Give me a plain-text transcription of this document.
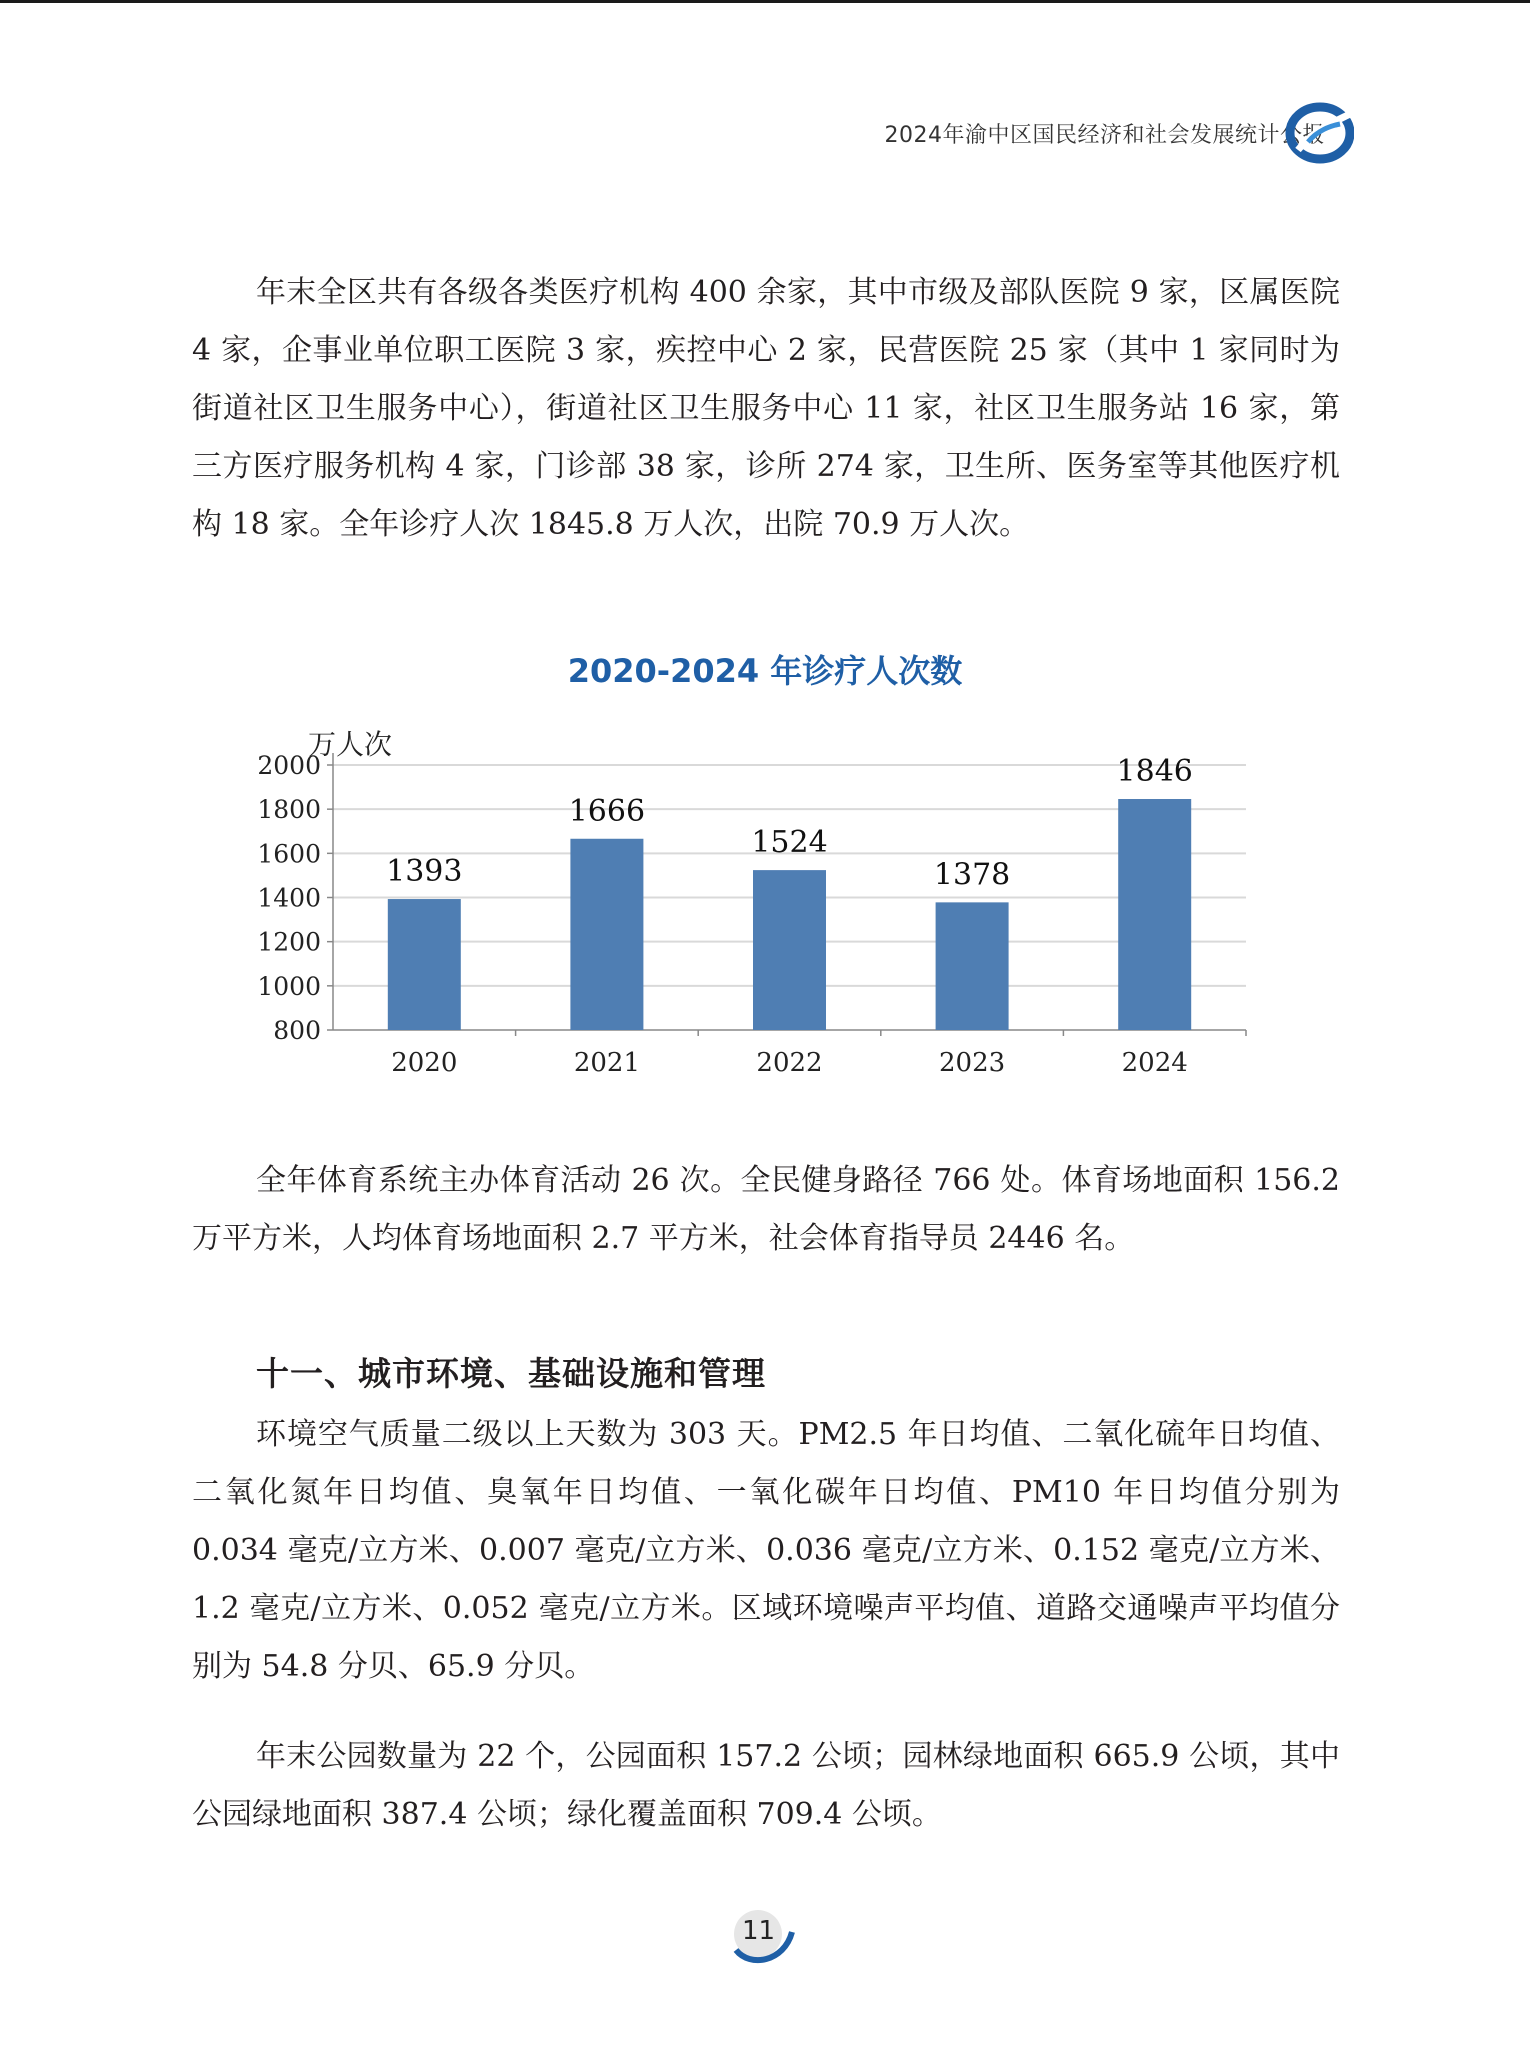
2024年渝中区国民经济和社会发展统计公报

年末全区共有各级各类医疗机构 400 余家，其中市级及部队医院 9 家，区属医院 4 家，企事业单位职工医院 3 家，疾控中心 2 家，民营医院 25 家（其中 1 家同时为街道社区卫生服务中心），街道社区卫生服务中心 11 家，社区卫生服务站 16 家，第三方医疗服务机构 4 家，门诊部 38 家，诊所 274 家，卫生所、医务室等其他医疗机构 18 家。全年诊疗人次 1845.8 万人次，出院 70.9 万人次。

2020-2024 年诊疗人次数
800
1000
1200
1400
1600
1800
2000
万人次
1393
2020
1666
2021
1524
2022
1378
2023
1846
2024

全年体育系统主办体育活动 26 次。全民健身路径 766 处。体育场地面积 156.2 万平方米，人均体育场地面积 2.7 平方米，社会体育指导员 2446 名。

十一、城市环境、基础设施和管理

环境空气质量二级以上天数为 303 天。PM2.5 年日均值、二氧化硫年日均值、二氧化氮年日均值、臭氧年日均值、一氧化碳年日均值、PM10 年日均值分别为 0.034 毫克/立方米、0.007 毫克/立方米、0.036 毫克/立方米、0.152 毫克/立方米、1.2 毫克/立方米、0.052 毫克/立方米。区域环境噪声平均值、道路交通噪声平均值分别为 54.8 分贝、65.9 分贝。

年末公园数量为 22 个，公园面积 157.2 公顷；园林绿地面积 665.9 公顷，其中公园绿地面积 387.4 公顷；绿化覆盖面积 709.4 公顷。

11
